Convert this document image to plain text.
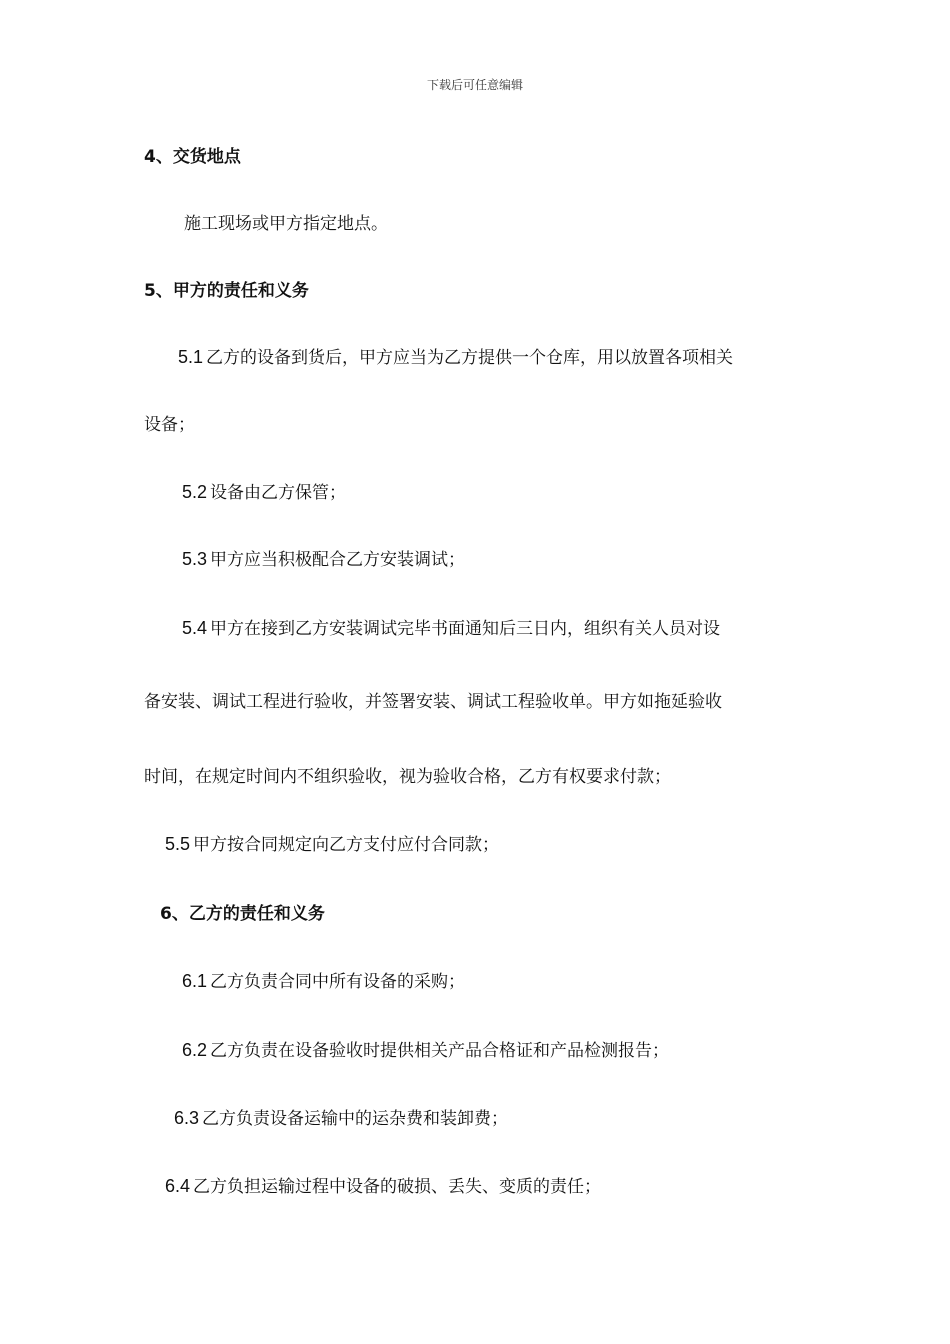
下载后可任意编辑
4、交货地点
施工现场或甲方指定地点。
5、甲方的责任和义务
5.1 乙方的设备到货后，甲方应当为乙方提供一个仓库，用以放置各项相关
设备；
5.2 设备由乙方保管；
5.3 甲方应当积极配合乙方安装调试；
5.4 甲方在接到乙方安装调试完毕书面通知后三日内，组织有关人员对设
备安装、调试工程进行验收，并签署安装、调试工程验收单。甲方如拖延验收
时间，在规定时间内不组织验收，视为验收合格，乙方有权要求付款；
5.5 甲方按合同规定向乙方支付应付合同款；
6、乙方的责任和义务
6.1 乙方负责合同中所有设备的采购；
6.2 乙方负责在设备验收时提供相关产品合格证和产品检测报告；
6.3 乙方负责设备运输中的运杂费和装卸费；
6.4 乙方负担运输过程中设备的破损、丢失、变质的责任；
